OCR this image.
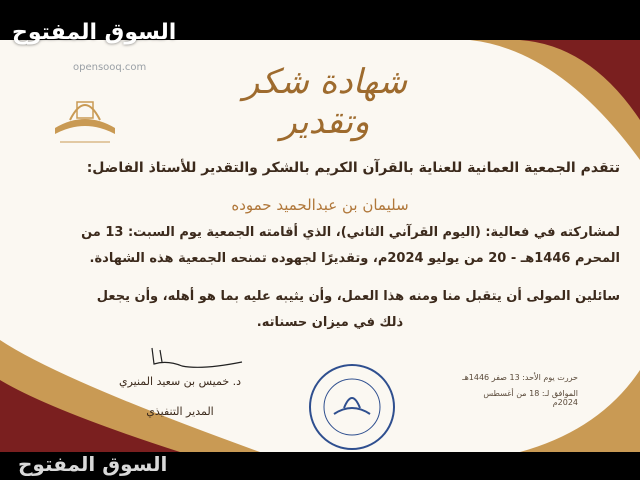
السوق المفتوح
opensooq.com	شهادة شكر وتقدير
تتقدم الجمعية العمانية للعناية بالقرآن الكريم بالشكر والتقدير للأستاذ الفاضل:
سليمان بن عبدالحميد حموده
لمشاركته في فعالية: (اليوم القرآني الثاني)، الذي أقامته الجمعية يوم السبت: 13 من
المحرم 1446هـ - 20 من يوليو 2024م، وتقديرًا لجهوده تمنحه الجمعية هذه الشهادة.
سائلين المولى أن يتقبل منا ومنه هذا العمل، وأن يثيبه عليه بما هو أهله، وأن يجعل
ذلك في ميزان حسناته.
د. خميس بن سعيد المنيري
المدير التنفيذي
حررت يوم الأحد: 13 صفر 1446هـ
الموافق لـ: 18 من أغسطس 2024م
السوق المفتوح
